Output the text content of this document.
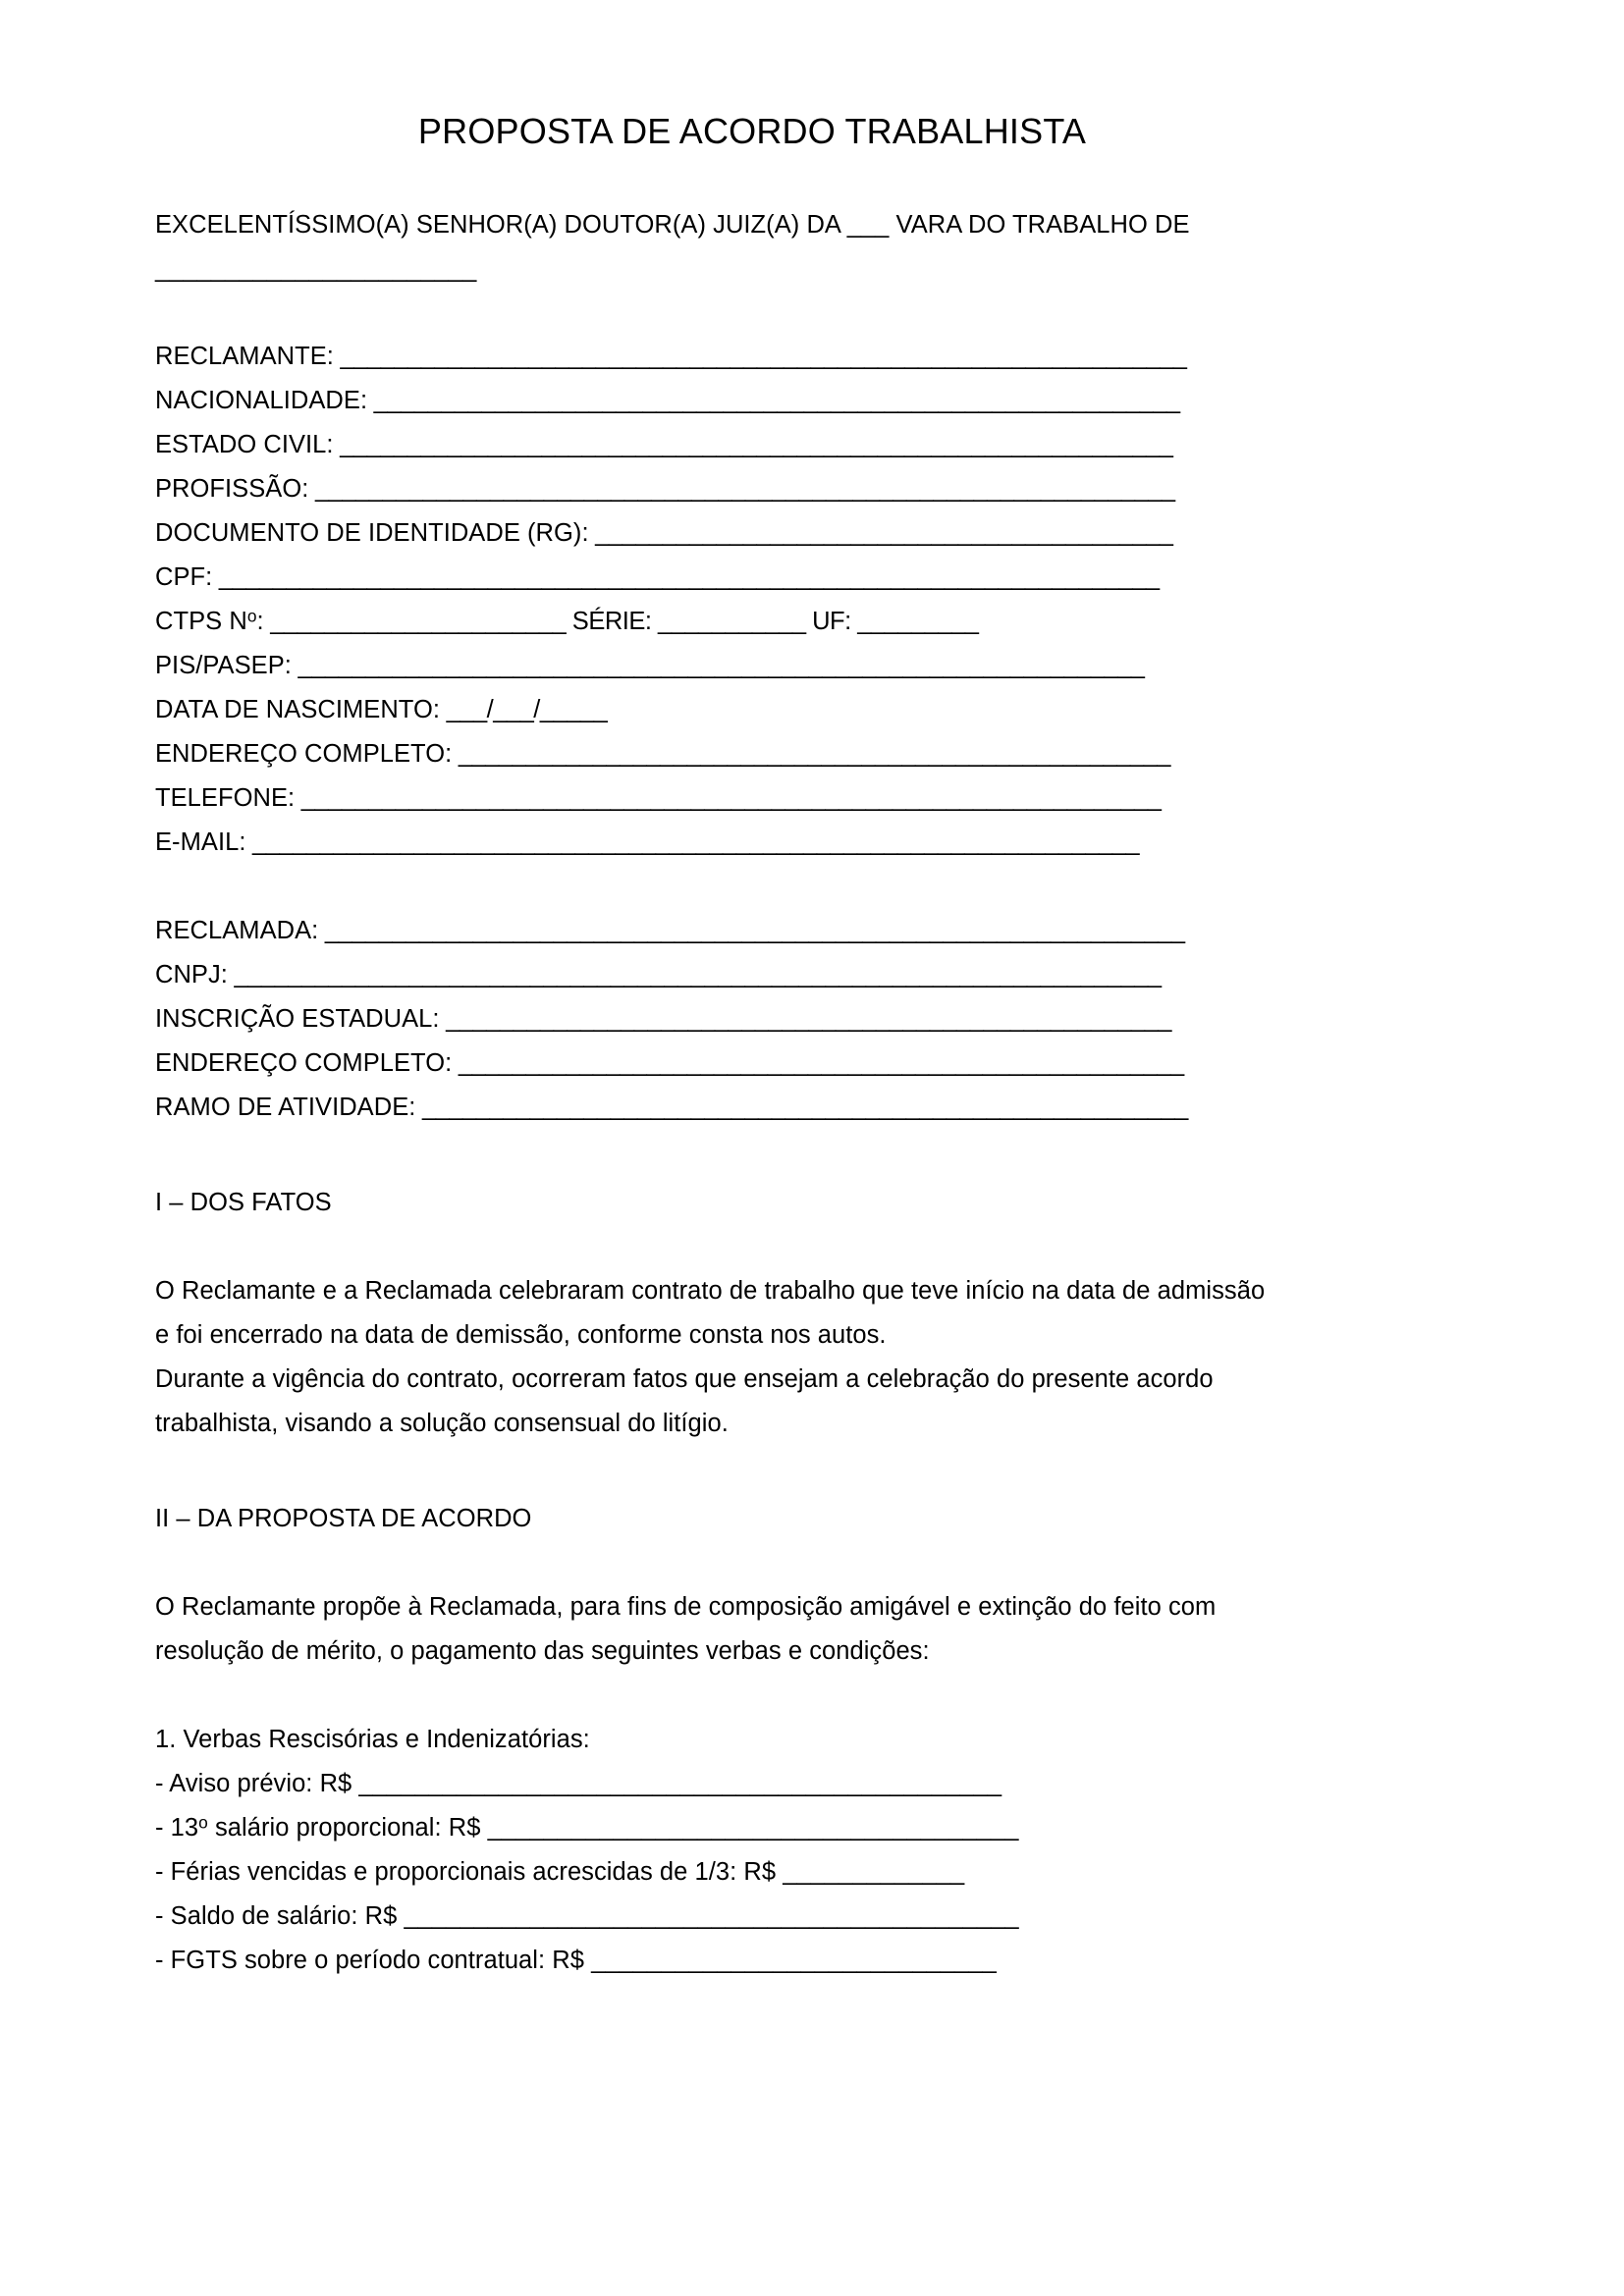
PROPOSTA DE ACORDO TRABALHISTA
EXCELENTÍSSIMO(A) SENHOR(A) DOUTOR(A) JUIZ(A) DA ___ VARA DO TRABALHO DE
_______________________
RECLAMANTE: _______________________________________________________________
NACIONALIDADE: ____________________________________________________________
ESTADO CIVIL: ______________________________________________________________
PROFISSÃO: ________________________________________________________________
DOCUMENTO DE IDENTIDADE (RG): ___________________________________________
CPF: ______________________________________________________________________
CTPS $N^o$: ______________________ SÉRIE: ___________ UF: _________
PIS/PASEP: _______________________________________________________________
DATA DE NASCIMENTO: ___/___/_____
ENDEREÇO COMPLETO: _____________________________________________________
TELEFONE: ________________________________________________________________
E-MAIL: __________________________________________________________________
RECLAMADA: ________________________________________________________________
CNPJ: _____________________________________________________________________
INSCRIÇÃO ESTADUAL: ______________________________________________________
ENDEREÇO COMPLETO: ______________________________________________________
RAMO DE ATIVIDADE: _________________________________________________________
I – DOS FATOS
O Reclamante e a Reclamada celebraram contrato de trabalho que teve início na data de admissão
e foi encerrado na data de demissão, conforme consta nos autos.
Durante a vigência do contrato, ocorreram fatos que ensejam a celebração do presente acordo
trabalhista, visando a solução consensual do litígio.
II – DA PROPOSTA DE ACORDO
O Reclamante propõe à Reclamada, para fins de composição amigável e extinção do feito com
resolução de mérito, o pagamento das seguintes verbas e condições:
1. Verbas Rescisórias e Indenizatórias:
- Aviso prévio: R$ ______________________________________________
- 13$^o$ salário proporcional: R$ ______________________________________
- Férias vencidas e proporcionais acrescidas de 1/3: R$ _____________
- Saldo de salário: R$ ____________________________________________
- FGTS sobre o período contratual: R$ _____________________________
